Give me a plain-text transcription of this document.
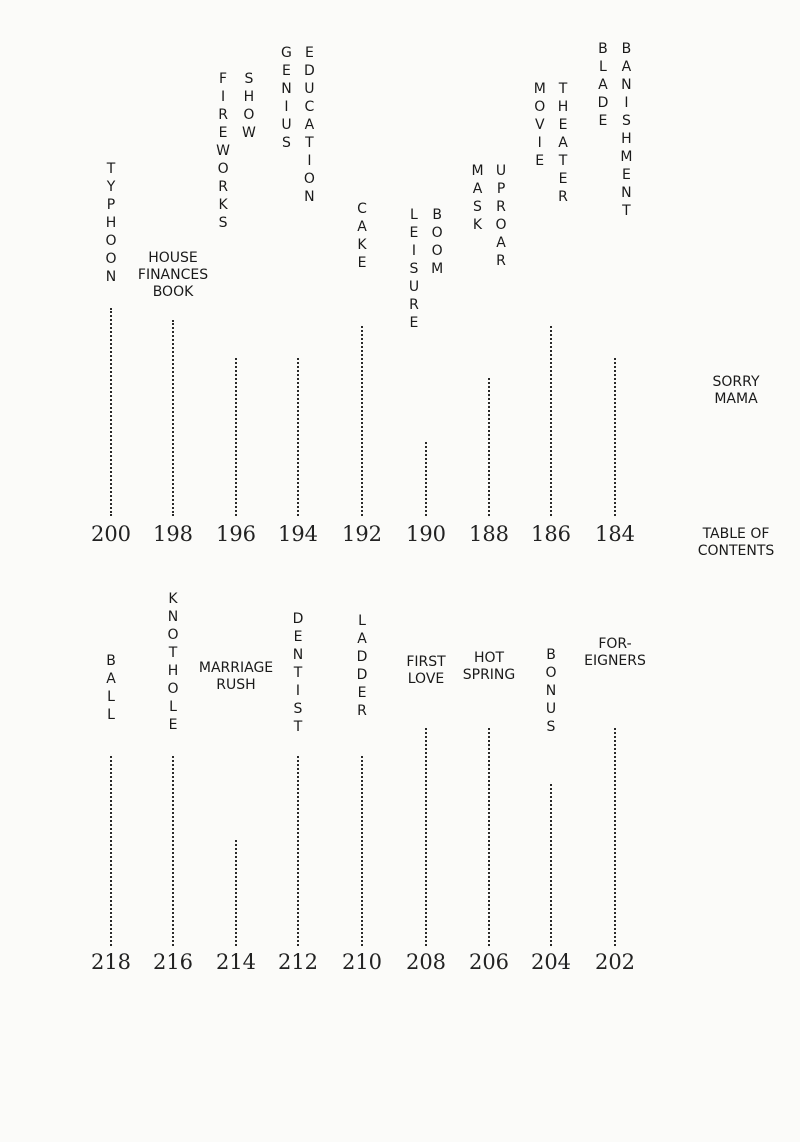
T
Y
P
H
O
O
N
200
HOUSE
FINANCES
BOOK
198
F
I
R
E
W
O
R
K
S
S
H
O
W
196
G
E
N
I
U
S
E
D
U
C
A
T
I
O
N
194
C
A
K
E
192
L
E
I
S
U
R
E
B
O
O
M
190
M
A
S
K
U
P
R
O
A
R
188
M
O
V
I
E
T
H
E
A
T
E
R
186
B
L
A
D
E
B
A
N
I
S
H
M
E
N
T
184
B
A
L
L
218
K
N
O
T
H
O
L
E
216
MARRIAGE
RUSH
214
D
E
N
T
I
S
T
212
L
A
D
D
E
R
210
FIRST
LOVE
208
HOT
SPRING
206
B
O
N
U
S
204
FOR-
EIGNERS
202
SORRY
MAMA
TABLE OF
CONTENTS
